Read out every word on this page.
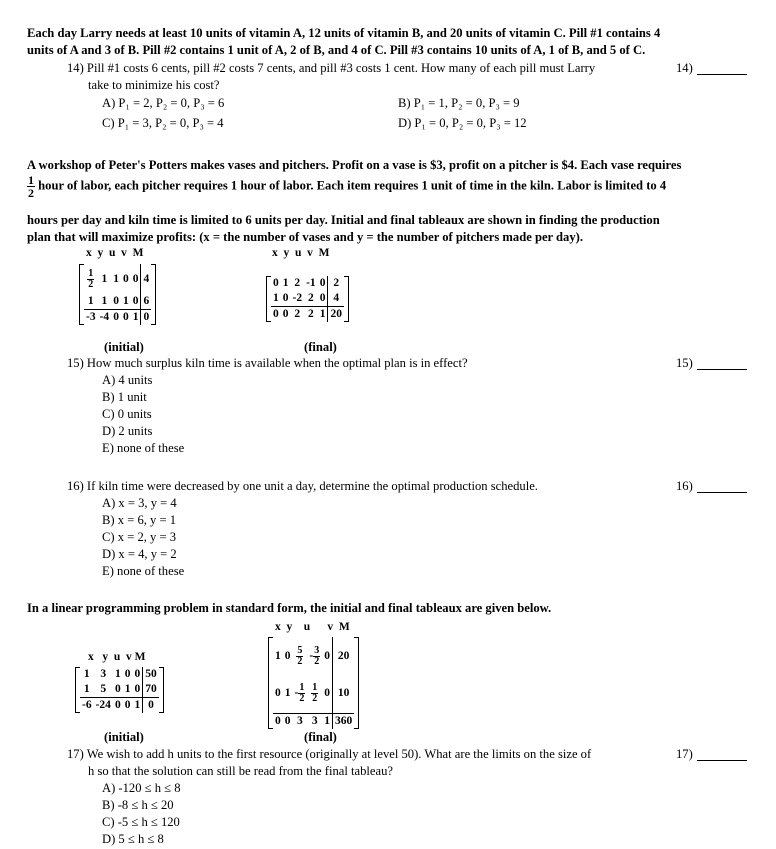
Each day Larry needs at least 10 units of vitamin A, 12 units of vitamin B, and 20 units of vitamin C. Pill #1 contains 4
units of A and 3 of B. Pill #2 contains 1 unit of A, 2 of B, and 4 of C. Pill #3 contains 10 units of A, 1 of B, and 5 of C.
14) Pill #1 costs 6 cents, pill #2 costs 7 cents, and pill #3 costs 1 cent. How many of each pill must Larry
take to minimize his cost?
14)
A) P₁ = 2, P₂ = 0, P₃ = 6	B) P₁ = 1, P₂ = 0, P₃ = 9
C) P₁ = 3, P₂ = 0, P₃ = 4	D) P₁ = 0, P₂ = 0, P₃ = 12
A workshop of Peter's Potters makes vases and pitchers. Profit on a vase is $3, profit on a pitcher is $4. Each vase requires
$\frac{1}{2}$ hour of labor, each pitcher requires 1 hour of labor. Each item requires 1 unit of time in the kiln. Labor is limited to 4
hours per day and kiln time is limited to 6 units per day. Initial and final tableaux are shown in finding the production
plan that will maximize profits: (x = the number of vases and y = the number of pitchers made per day).
x  y  u  v  M
$\frac{1}{2}$	1	1	0	0	4
1	1	0	1	0	6
-3	-4	0	0	1	0
x  y  u  v  M
0	1	2	-1	0	2
1	0	-2	2	0	4
0	0	2	2	1	20
(initial)	(final)
15) How much surplus kiln time is available when the optimal plan is in effect?	15)
A) 4 units
B) 1 unit
C) 0 units
D) 2 units
E) none of these
16) If kiln time were decreased by one unit a day, determine the optimal production schedule.	16)
A) x = 3, y = 4
B) x = 6, y = 1
C) x = 2, y = 3
D) x = 4, y = 2
E) none of these
In a linear programming problem in standard form, the initial and final tableaux are given below.
x   y  u  v M
1	3	1	0	0	50
1	5	0	1	0	70
-6	-24	0	0	1	0
x  y    u      v  M
1	0	$\frac{5}{2}$	- $\frac{3}{2}$	0	20
0	1	- $\frac{1}{2}$	$\frac{1}{2}$	0	10
0	0	3	3	1	360
(initial)	(final)
17) We wish to add h units to the first resource (originally at level 50). What are the limits on the size of
h so that the solution can still be read from the final tableau?
17)
A) -120 ≤ h ≤ 8
B) -8 ≤ h ≤ 20
C) -5 ≤ h ≤ 120
D) 5 ≤ h ≤ 8
